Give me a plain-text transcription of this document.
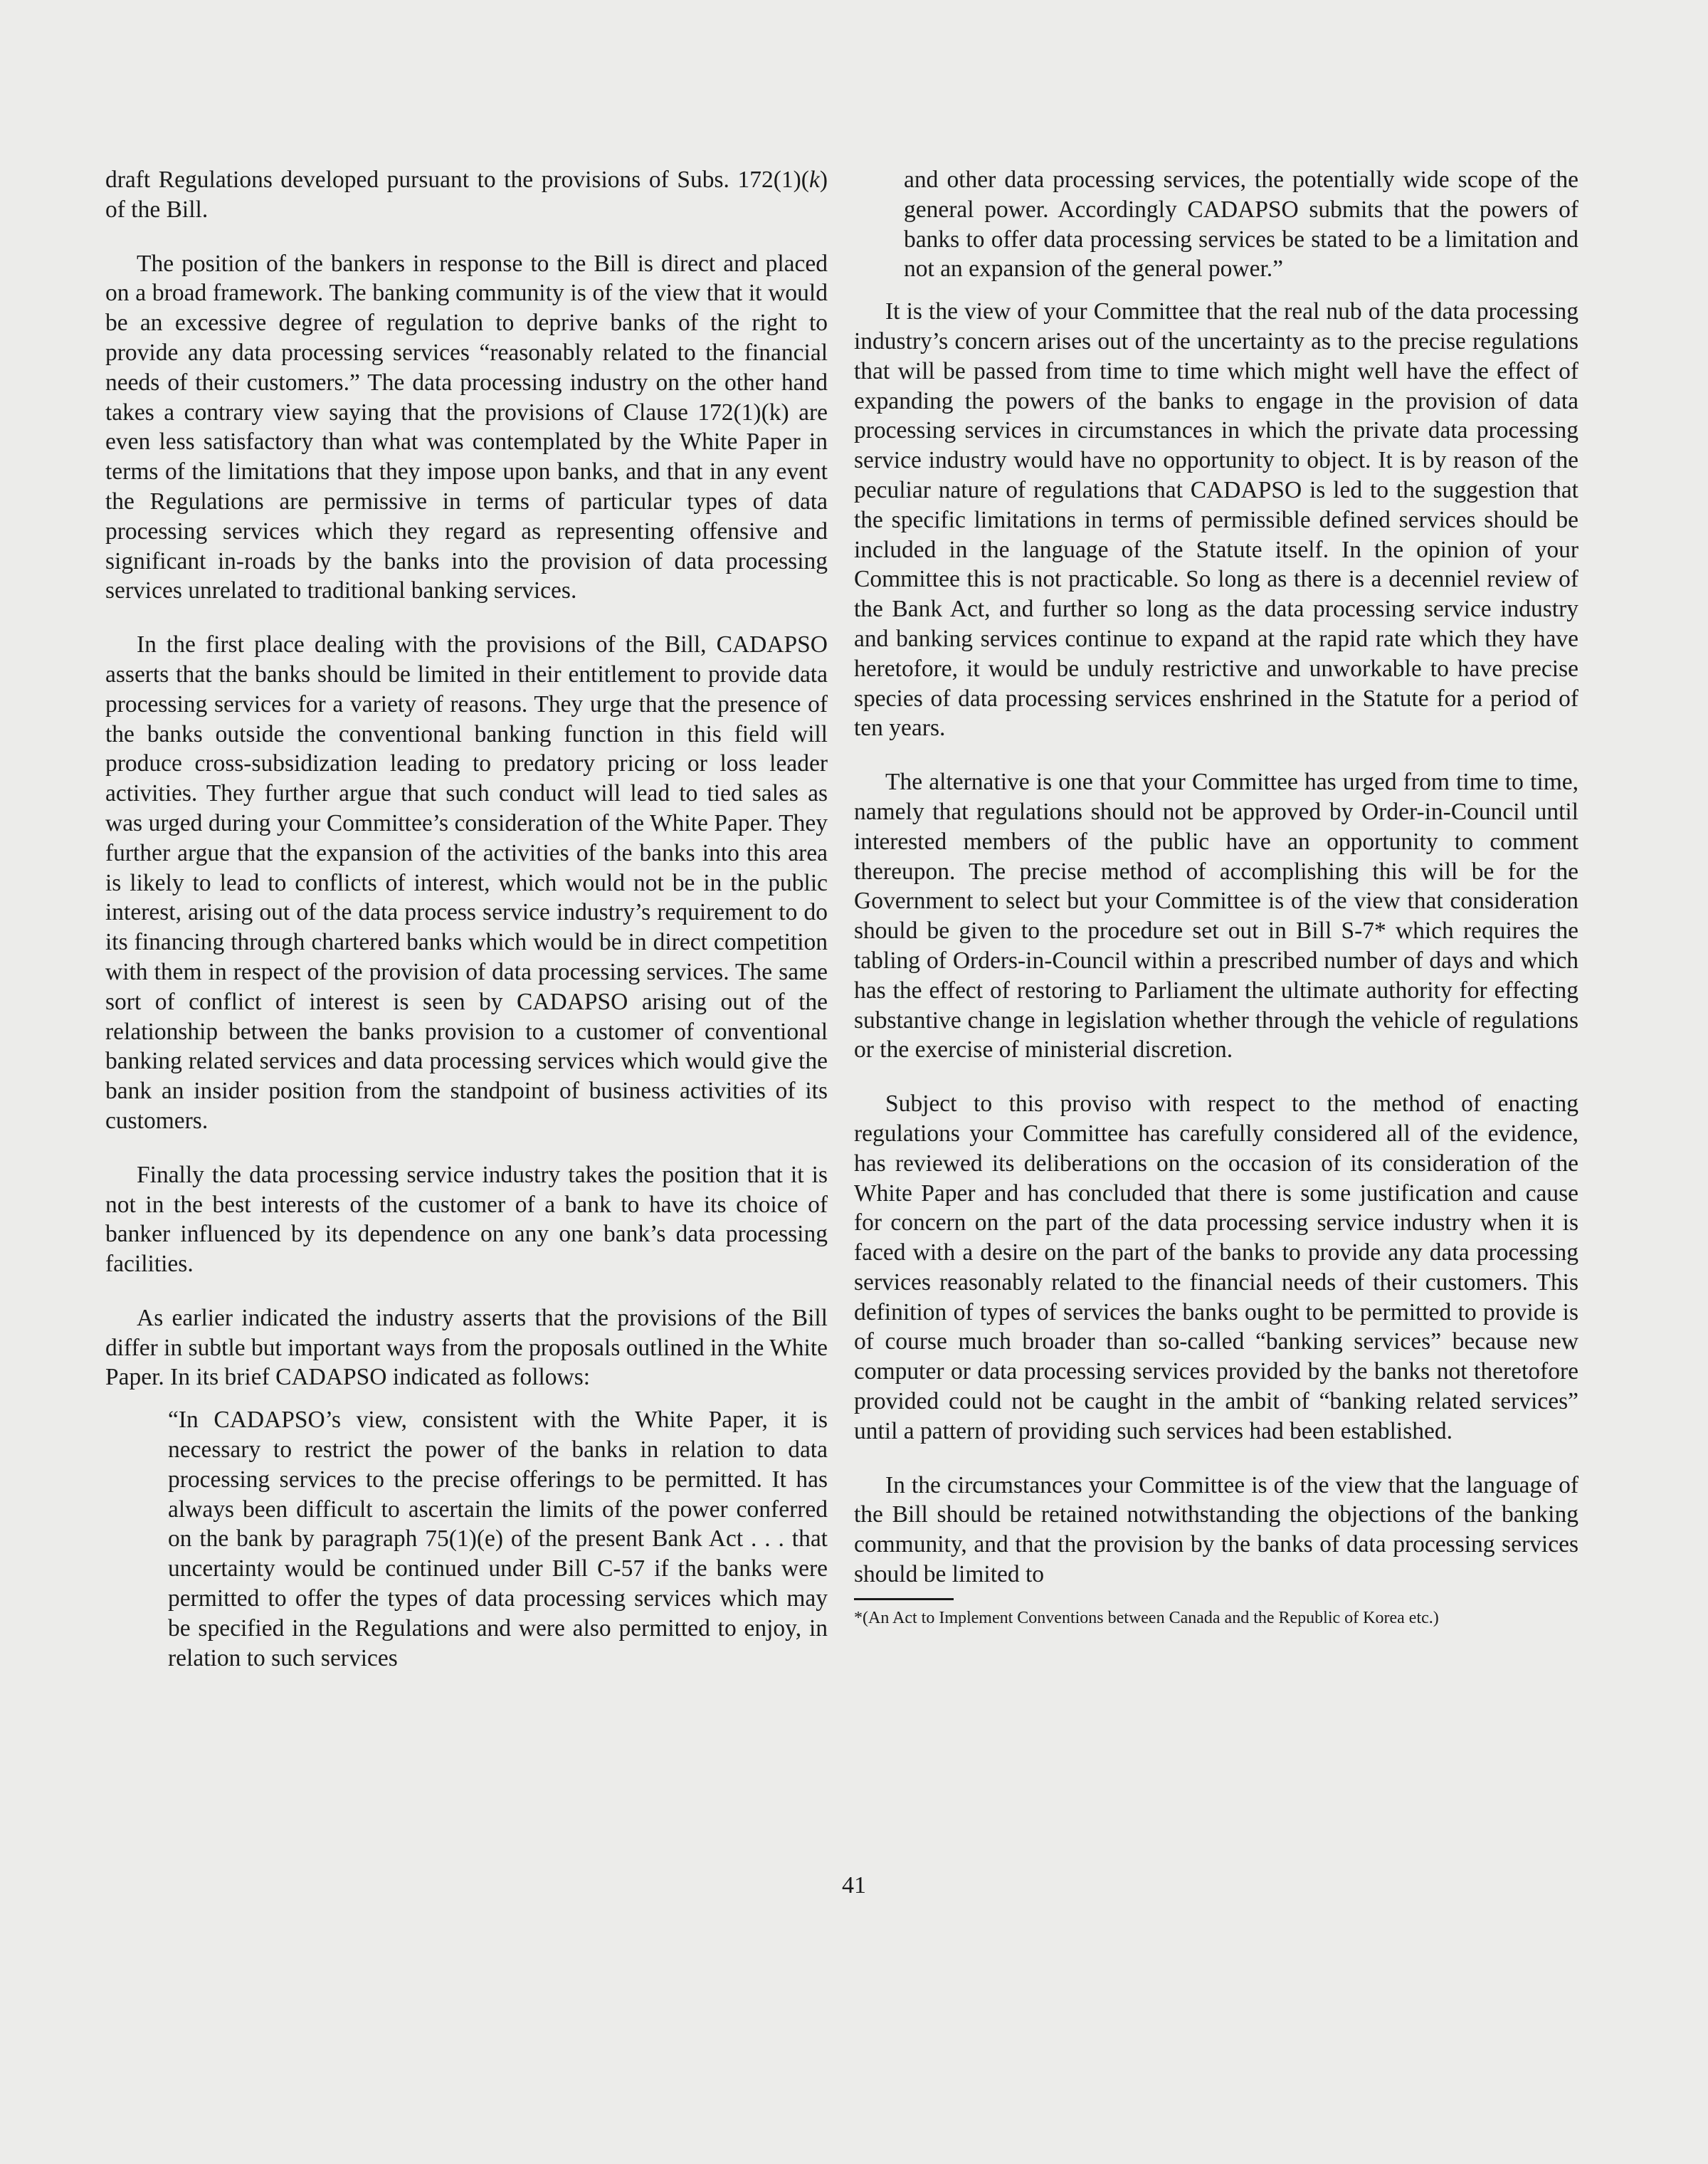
draft Regulations developed pursuant to the provisions of Subs. 172(1)(k) of the Bill.

The position of the bankers in response to the Bill is direct and placed on a broad framework. The banking community is of the view that it would be an excessive degree of regulation to deprive banks of the right to provide any data processing services “reasonably related to the financial needs of their customers.” The data processing industry on the other hand takes a contrary view saying that the provisions of Clause 172(1)(k) are even less satisfactory than what was contemplated by the White Paper in terms of the limitations that they impose upon banks, and that in any event the Regulations are permissive in terms of particular types of data processing services which they regard as representing offensive and significant in-roads by the banks into the provision of data processing services unrelated to traditional banking services.

In the first place dealing with the provisions of the Bill, CADAPSO asserts that the banks should be limited in their entitlement to provide data processing services for a variety of reasons. They urge that the presence of the banks outside the conventional banking function in this field will produce cross-subsidization leading to predatory pricing or loss leader activities. They further argue that such conduct will lead to tied sales as was urged during your Committee’s consideration of the White Paper. They further argue that the expansion of the activities of the banks into this area is likely to lead to conflicts of interest, which would not be in the public interest, arising out of the data process service industry’s requirement to do its financing through chartered banks which would be in direct competition with them in respect of the provision of data processing services. The same sort of conflict of interest is seen by CADAPSO arising out of the relationship between the banks provision to a customer of conventional banking related services and data processing services which would give the bank an insider position from the standpoint of business activities of its customers.

Finally the data processing service industry takes the position that it is not in the best interests of the customer of a bank to have its choice of banker influenced by its dependence on any one bank’s data processing facilities.

As earlier indicated the industry asserts that the provisions of the Bill differ in subtle but important ways from the proposals outlined in the White Paper. In its brief CADAPSO indicated as follows:

“In CADAPSO’s view, consistent with the White Paper, it is necessary to restrict the power of the banks in relation to data processing services to the precise offerings to be permitted. It has always been difficult to ascertain the limits of the power conferred on the bank by paragraph 75(1)(e) of the present Bank Act . . . that uncertainty would be continued under Bill C-57 if the banks were permitted to offer the types of data processing services which may be specified in the Regulations and were also permitted to enjoy, in relation to such services

and other data processing services, the potentially wide scope of the general power. Accordingly CADAPSO submits that the powers of banks to offer data processing services be stated to be a limitation and not an expansion of the general power.”

It is the view of your Committee that the real nub of the data processing industry’s concern arises out of the uncertainty as to the precise regulations that will be passed from time to time which might well have the effect of expanding the powers of the banks to engage in the provision of data processing services in circumstances in which the private data processing service industry would have no opportunity to object. It is by reason of the peculiar nature of regulations that CADAPSO is led to the suggestion that the specific limitations in terms of permissible defined services should be included in the language of the Statute itself. In the opinion of your Committee this is not practicable. So long as there is a decenniel review of the Bank Act, and further so long as the data processing service industry and banking services continue to expand at the rapid rate which they have heretofore, it would be unduly restrictive and unworkable to have precise species of data processing services enshrined in the Statute for a period of ten years.

The alternative is one that your Committee has urged from time to time, namely that regulations should not be approved by Order-in-Council until interested members of the public have an opportunity to comment thereupon. The precise method of accomplishing this will be for the Government to select but your Committee is of the view that consideration should be given to the procedure set out in Bill S-7* which requires the tabling of Orders-in-Council within a prescribed number of days and which has the effect of restoring to Parliament the ultimate authority for effecting substantive change in legislation whether through the vehicle of regulations or the exercise of ministerial discretion.

Subject to this proviso with respect to the method of enacting regulations your Committee has carefully considered all of the evidence, has reviewed its deliberations on the occasion of its consideration of the White Paper and has concluded that there is some justification and cause for concern on the part of the data processing service industry when it is faced with a desire on the part of the banks to provide any data processing services reasonably related to the financial needs of their customers. This definition of types of services the banks ought to be permitted to provide is of course much broader than so-called “banking services” because new computer or data processing services provided by the banks not theretofore provided could not be caught in the ambit of “banking related services” until a pattern of providing such services had been established.

In the circumstances your Committee is of the view that the language of the Bill should be retained notwithstanding the objections of the banking community, and that the provision by the banks of data processing services should be limited to

*(An Act to Implement Conventions between Canada and the Republic of Korea etc.)

41
